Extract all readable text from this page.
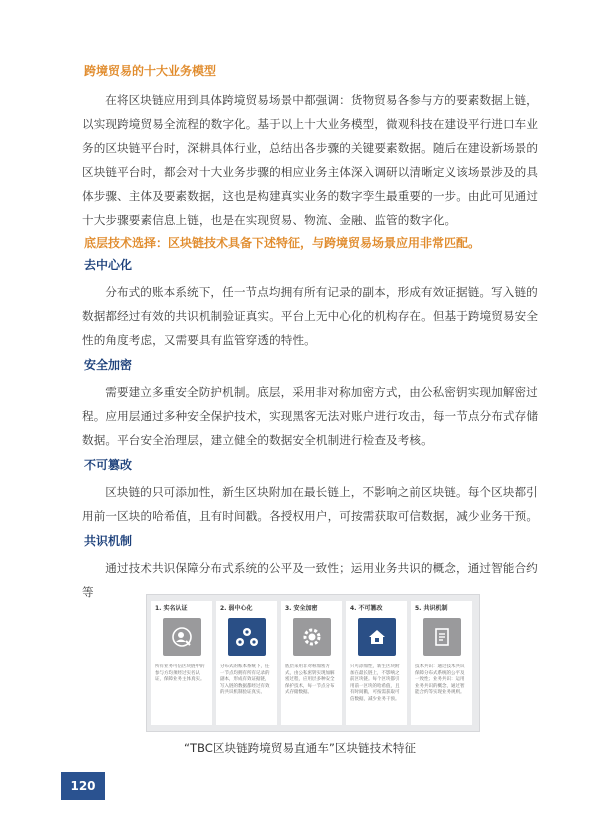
跨境贸易的十大业务模型

在将区块链应用到具体跨境贸易场景中都强调：货物贸易各参与方的要素数据上链，以实现跨境贸易全流程的数字化。基于以上十大业务模型，微观科技在建设平行进口车业务的区块链平台时，深耕具体行业，总结出各步骤的关键要素数据。随后在建设新场景的区块链平台时，都会对十大业务步骤的相应业务主体深入调研以清晰定义该场景涉及的具体步骤、主体及要素数据，这也是构建真实业务的数字孪生最重要的一步。由此可见通过十大步骤要素信息上链，也是在实现贸易、物流、金融、监管的数字化。

底层技术选择：区块链技术具备下述特征，与跨境贸易场景应用非常匹配。
去中心化

分布式的账本系统下，任一节点均拥有所有记录的副本，形成有效证据链。写入链的数据都经过有效的共识机制验证真实。平台上无中心化的机构存在。但基于跨境贸易安全性的角度考虑，又需要具有监管穿透的特性。

安全加密

需要建立多重安全防护机制。底层，采用非对称加密方式，由公私密钥实现加解密过程。应用层通过多种安全保护技术，实现黑客无法对账户进行攻击，每一节点分布式存储数据。平台安全治理层，建立健全的数据安全机制进行检查及考核。

不可篡改

区块链的只可添加性，新生区块附加在最长链上，不影响之前区块链。每个区块都引用前一区块的哈希值，且有时间戳。各授权用户，可按需获取可信数据，减少业务干预。

共识机制

通过技术共识保障分布式系统的公平及一致性；运用业务共识的概念，通过智能合约等

1. 实名认证
所有业务可信区块链中的参与方均须经过实名认证，保障业务主体真实。
2. 弱中心化
分布式的账本系统下，任一节点均拥有所有记录的副本，形成有效证据链，写入链的数据都经过有效的共识机制验证真实。
3. 安全加密
底层采用非对称加密方式，由公私密钥实现加解密过程，应用层多种安全保护技术，每一节点分布式存储数据。
4. 不可篡改
只可添加性，新生区块附加在最长链上，不影响之前区块链。每个区块都引用前一区块的哈希值，且有时间戳，可按需获取可信数据，减少业务干预。
5. 共识机制
技术共识：通过技术共识保障分布式系统的公平及一致性；业务共识：运用业务共识的概念，通过智能合约等实现业务规则。
“TBC区块链跨境贸易直通车”区块链技术特征
120
